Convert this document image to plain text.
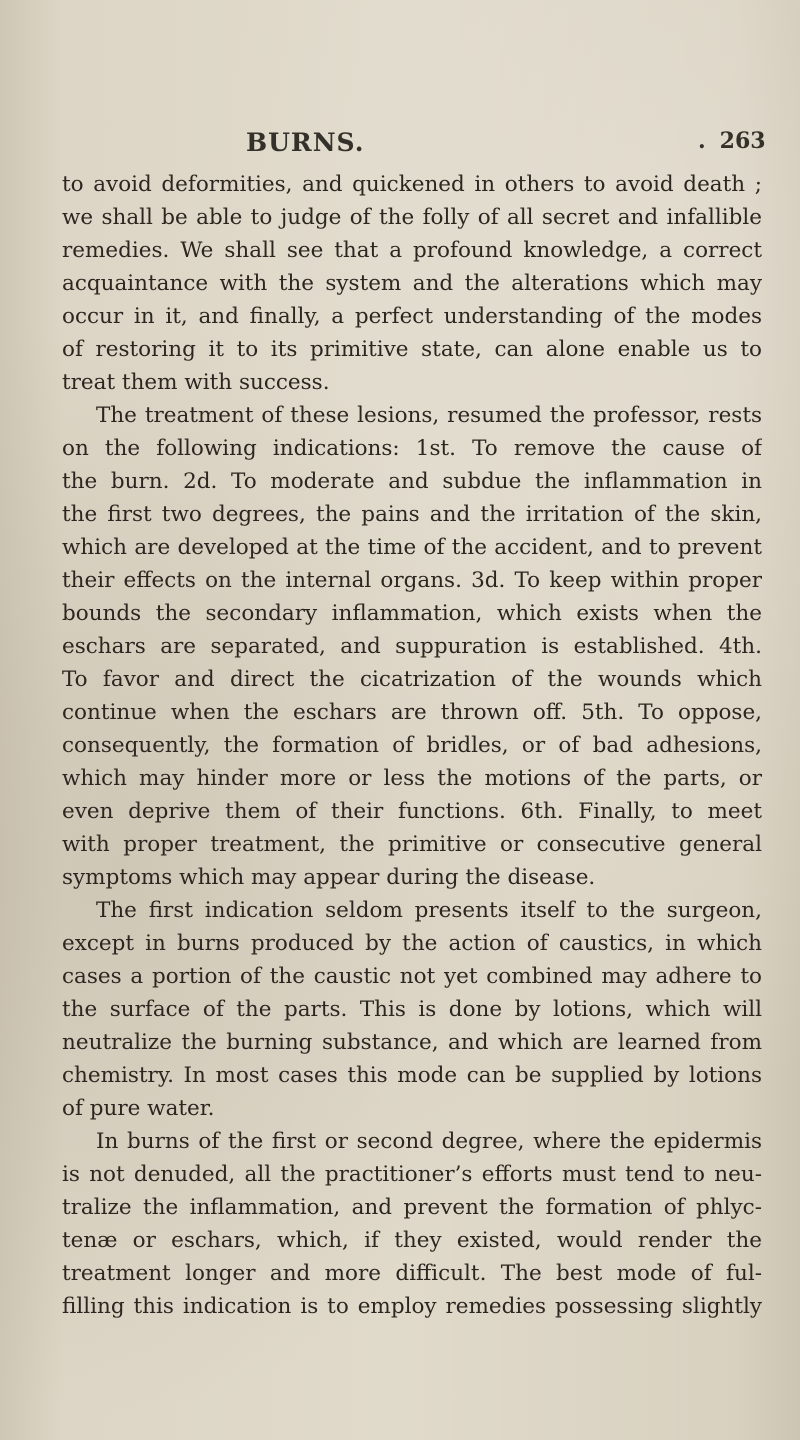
BURNS.	. 263
to avoid deformities, and quickened in others to avoid death ;
we shall be able to judge of the folly of all secret and infallible
remedies. We shall see that a profound knowledge, a correct
acquaintance with the system and the alterations which may
occur in it, and finally, a perfect understanding of the modes
of restoring it to its primitive state, can alone enable us to
treat them with success.
The treatment of these lesions, resumed the professor, rests
on the following indications: 1st. To remove the cause of
the burn. 2d. To moderate and subdue the inflammation in
the first two degrees, the pains and the irritation of the skin,
which are developed at the time of the accident, and to prevent
their effects on the internal organs. 3d. To keep within proper
bounds the secondary inflammation, which exists when the
eschars are separated, and suppuration is established. 4th.
To favor and direct the cicatrization of the wounds which
continue when the eschars are thrown off. 5th. To oppose,
consequently, the formation of bridles, or of bad adhesions,
which may hinder more or less the motions of the parts, or
even deprive them of their functions. 6th. Finally, to meet
with proper treatment, the primitive or consecutive general
symptoms which may appear during the disease.
The first indication seldom presents itself to the surgeon,
except in burns produced by the action of caustics, in which
cases a portion of the caustic not yet combined may adhere to
the surface of the parts. This is done by lotions, which will
neutralize the burning substance, and which are learned from
chemistry. In most cases this mode can be supplied by lotions
of pure water.
In burns of the first or second degree, where the epidermis
is not denuded, all the practitioner’s efforts must tend to neu-
tralize the inflammation, and prevent the formation of phlyc-
tenæ or eschars, which, if they existed, would render the
treatment longer and more difficult. The best mode of ful-
filling this indication is to employ remedies possessing slightly
